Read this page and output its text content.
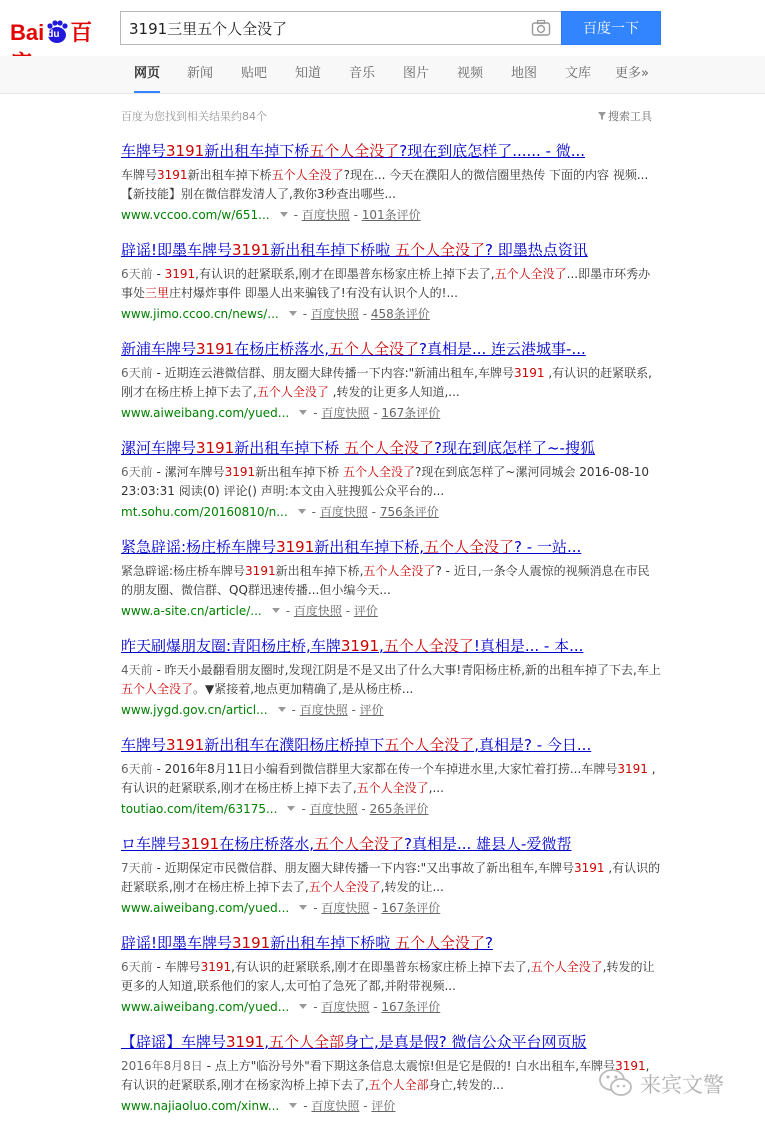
Bai du 百
3191三里五个人全没了	百度一下
网页 新闻 贴吧 知道 音乐 图片 视频 地图 文库 更多»
百度为您找到相关结果约84个	搜索工具
车牌号3191新出租车掉下桥五个人全没了?现在到底怎样了...... - 微...
车牌号3191新出租车掉下桥五个人全没了?现在... 今天在濮阳人的微信圈里热传 下面的内容 视频...【新技能】别在微信群发清人了,教你3秒查出哪些...
www.vccoo.com/w/651... - 百度快照 - 101条评价
辟谣!即墨车牌号3191新出租车掉下桥啦 五个人全没了? 即墨热点资讯
6天前 - 3191,有认识的赶紧联系,刚才在即墨普东杨家庄桥上掉下去了,五个人全没了...即墨市环秀办事处三里庄村爆炸事件 即墨人出来骗钱了!有没有认识个人的!...
www.jimo.ccoo.cn/news/... - 百度快照 - 458条评价
新浦车牌号3191在杨庄桥落水,五个人全没了?真相是... 连云港城事-...
6天前 - 近期连云港微信群、朋友圈大肆传播一下内容:"新浦出租车,车牌号3191 ,有认识的赶紧联系,刚才在杨庄桥上掉下去了,五个人全没了 ,转发的让更多人知道,...
www.aiweibang.com/yued... - 百度快照 - 167条评价
漯河车牌号3191新出租车掉下桥 五个人全没了?现在到底怎样了~-搜狐
6天前 - 漯河车牌号3191新出租车掉下桥 五个人全没了?现在到底怎样了~漯河同城会 2016-08-10 23:03:31 阅读(0) 评论() 声明:本文由入驻搜狐公众平台的...
mt.sohu.com/20160810/n... - 百度快照 - 756条评价
紧急辟谣:杨庄桥车牌号3191新出租车掉下桥,五个人全没了? - 一站...
紧急辟谣:杨庄桥车牌号3191新出租车掉下桥,五个人全没了? - 近日,一条令人震惊的视频消息在市民的朋友圈、微信群、QQ群迅速传播...但小编今天...
www.a-site.cn/article/... - 百度快照 - 评价
昨天刷爆朋友圈:青阳杨庄桥,车牌3191,五个人全没了!真相是... - 本...
4天前 - 昨天小最翻看朋友圈时,发现江阴是不是又出了什么大事!青阳杨庄桥,新的出租车掉了下去,车上五个人全没了。▼紧接着,地点更加精确了,是从杨庄桥...
www.jygd.gov.cn/articl... - 百度快照 - 评价
车牌号3191新出租车在濮阳杨庄桥掉下五个人全没了,真相是? - 今日...
6天前 - 2016年8月11日小编看到微信群里大家都在传一个车掉进水里,大家忙着打捞...车牌号3191 ,有认识的赶紧联系,刚才在杨庄桥上掉下去了,五个人全没了,...
toutiao.com/item/63175... - 百度快照 - 265条评价
ロ车牌号3191在杨庄桥落水,五个人全没了?真相是... 雄县人-爱微帮
7天前 - 近期保定市民微信群、朋友圈大肆传播一下内容:"又出事故了新出租车,车牌号3191 ,有认识的赶紧联系,刚才在杨庄桥上掉下去了,五个人全没了,转发的让...
www.aiweibang.com/yued... - 百度快照 - 167条评价
辟谣!即墨车牌号3191新出租车掉下桥啦 五个人全没了?
6天前 - 车牌号3191,有认识的赶紧联系,刚才在即墨普东杨家庄桥上掉下去了,五个人全没了,转发的让更多的人知道,联系他们的家人,太可怕了急死了都,并附带视频...
www.aiweibang.com/yued... - 百度快照 - 167条评价
【辟谣】车牌号3191,五个人全部身亡,是真是假? 微信公众平台网页版
2016年8月8日 - 点上方"临汾号外"看下期这条信息太震惊!但是它是假的! 白水出租车,车牌号3191,有认识的赶紧联系,刚才在杨家沟桥上掉下去了,五个人全部身亡,转发的...
www.najiaoluo.com/xinw... - 百度快照 - 评价
来宾文警
